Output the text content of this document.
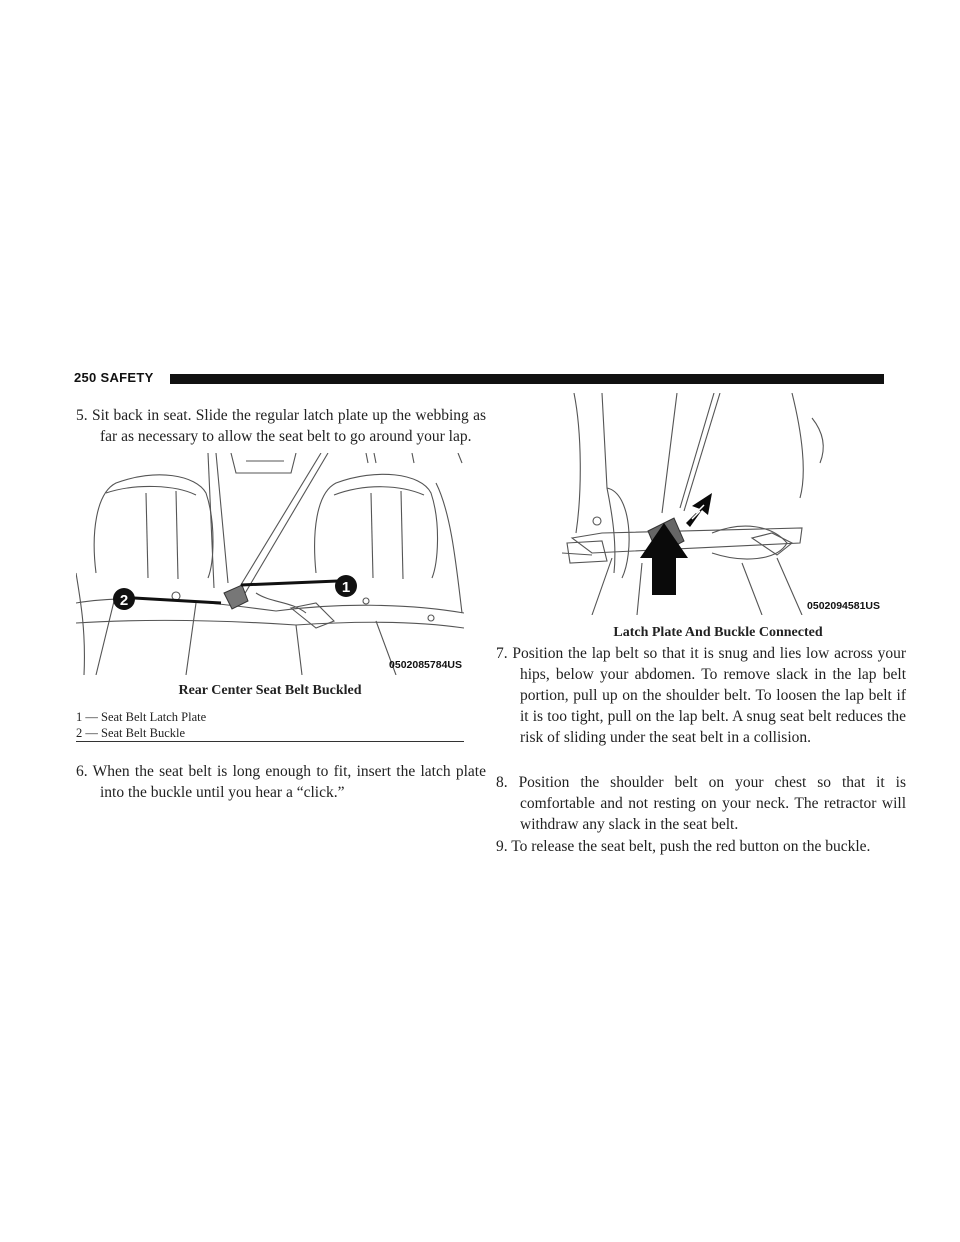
250 SAFETY

5. Sit back in seat. Slide the regular latch plate up the webbing as far as necessary to allow the seat belt to go around your lap.

1
2
0502085784US
Rear Center Seat Belt Buckled
1 — Seat Belt Latch Plate
2 — Seat Belt Buckle

6. When the seat belt is long enough to fit, insert the latch plate into the buckle until you hear a “click.”

0502094581US
Latch Plate And Buckle Connected

7. Position the lap belt so that it is snug and lies low across your hips, below your abdomen. To remove slack in the lap belt portion, pull up on the shoulder belt. To loosen the lap belt if it is too tight, pull on the lap belt. A snug seat belt reduces the risk of sliding under the seat belt in a collision.

8. Position the shoulder belt on your chest so that it is comfortable and not resting on your neck. The retractor will withdraw any slack in the seat belt.

9. To release the seat belt, push the red button on the buckle.
